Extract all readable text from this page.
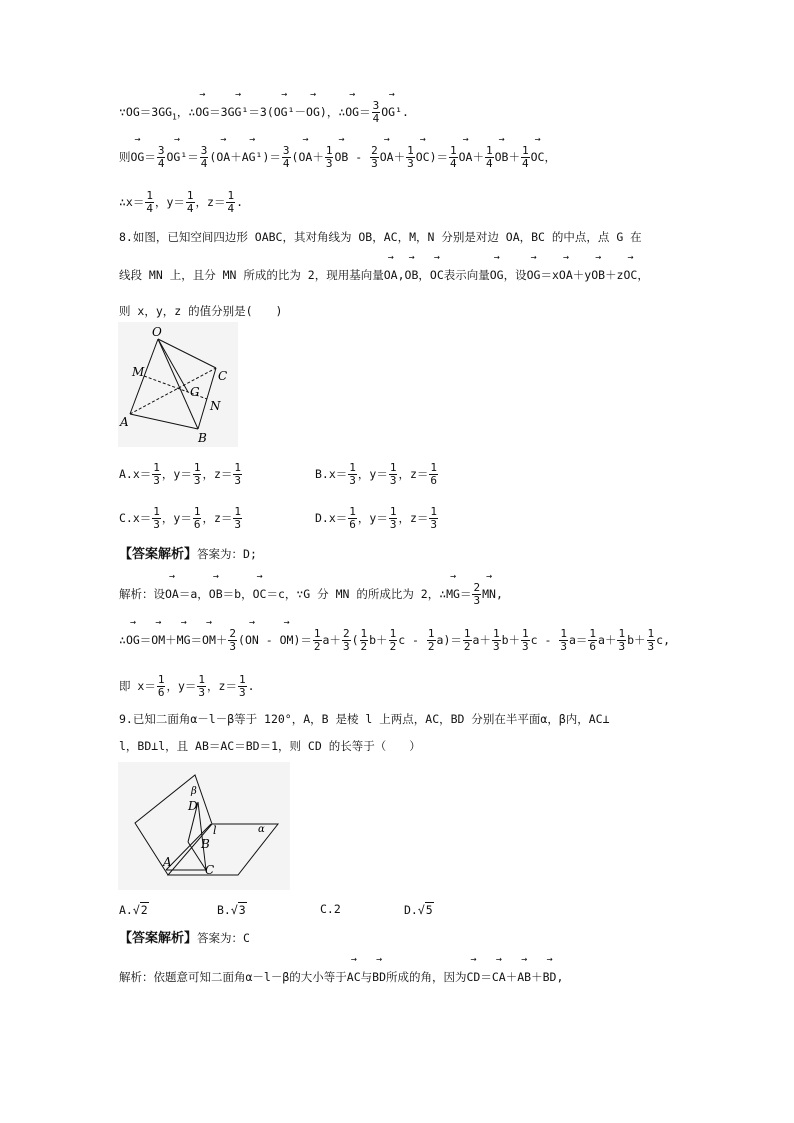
$\because OG=3GG_1$，∴→ OG＝3→ GG¹＝3(→ OG¹－→ OG)，∴→ $OG= \frac{3}{4}$
→ OG¹.
则→ $OG= \frac{3}{4}$
→ $OG^1= \frac{3}{4}$ (→ $OA+\to AG^1)= \frac{3}{4}$ (→ $OA+ \frac{1}{3}$
→ OB - $\frac{2}{3}$
→ $OA+ \frac{1}{3}$
→ $OC)= \frac{1}{4}$
→ $OA+ \frac{1}{4}$
→ $OB+ \frac{1}{4}$
→ OC，
∴x＝ $\frac{1}{4}$ ，$y= \frac{1}{4}$ ，$z= \frac{1}{4}$ .
8.如图，已知空间四边形 OABC，其对角线为 OB，AC，M，N 分别是对边 OA，BC 的中点，点 G 在
线段 MN 上，且分 MN 所成的比为 2，现用基向量→ OA,→ OB，→ OC表示向量→ OG，设→ OG＝x→ OA＋y→ OB＋z→ OC，
则 x，y，z 的值分别是(　　)
O
M	C
G
N
A
B
$A.x= \frac{1}{3}$ ，$y= \frac{1}{3}$ ，$z= \frac{1}{3}$	$B.x= \frac{1}{3}$ ，$y= \frac{1}{3}$ ，$z= \frac{1}{6}$
$C.x= \frac{1}{3}$ ，$y= \frac{1}{6}$ ，$z= \frac{1}{3}$	$D.x= \frac{1}{6}$ ，$y= \frac{1}{3}$ ，$z= \frac{1}{3}$
【答案解析】答案为：D;
解析：设→ OA＝a，→ OB＝b，→ OC＝c，∵G 分 MN 的所成比为 2，∴→ $MG= \frac{2}{3}$
→ MN,
∴→ $OG=\to OM+\to MG=\to OM+ \frac{2}{3}$ (→ ON - → $OM)= \frac{1}{2} a+ \frac{2}{3}$ ( $\frac{1}{2} b+ \frac{1}{2}$ $c - \frac{1}{2} a)= \frac{1}{2} a+ \frac{1}{3} b+ \frac{1}{3}$ $c - \frac{1}{3} a= \frac{1}{6} a+ \frac{1}{3} b+ \frac{1}{3} c$,
即 $x= \frac{1}{6}$ ，$y= \frac{1}{3}$ ，$z= \frac{1}{3}$ .
9.已知二面角α－l－β等于 120°，A，B 是棱 l 上两点，AC，BD 分别在半平面α，β内，AC⊥
l，BD⊥l，且 AB＝AC＝BD＝1，则 CD 的长等于（　　）
β
D
l	α
B
A
C
A.√2	B.√3	C.2	D.√5
【答案解析】答案为：C
解析：依题意可知二面角α－l－β的大小等于→ AC与→ BD所成的角，因为→ CD＝→ CA＋→ AB＋→ BD,
